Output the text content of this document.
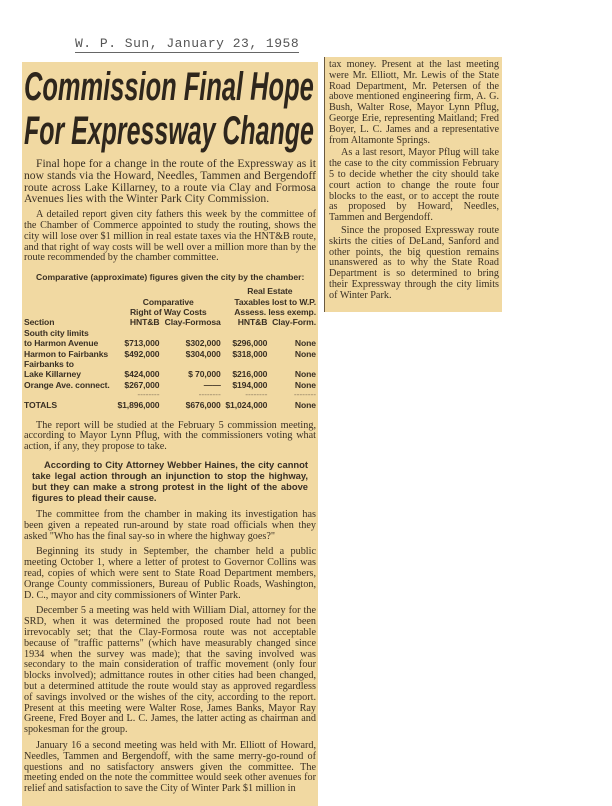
W. P. Sun, January 23, 1958
Commission Final Hope
For Expressway Change
Final hope for a change in the route of the Expressway as it now stands via the Howard, Needles, Tammen and Bergendoff route across Lake Killarney, to a route via Clay and Formosa Avenues lies with the Winter Park City Commission.
A detailed report given city fathers this week by the committee of the Chamber of Commerce appointed to study the routing, shows the city will lose over $1 million in real estate taxes via the HNT&B route, and that right of way costs will be well over a million more than by the route recommended by the chamber committee.
Comparative (approximate) figures given the city by the chamber:
			Real Estate	
	Comparative		Taxables lost to W.P.	
	Right of Way Costs		Assess. less exemp.	
Section	HNT&B	Clay-Formosa	HNT&B	Clay-Form.
South city limits				
to Harmon Avenue	$713,000	$302,000	$296,000	None
Harmon to Fairbanks	$492,000	$304,000	$318,000	None
Fairbanks to				
Lake Killarney	$424,000	$ 70,000	$216,000	None
Orange Ave. connect.	$267,000	——	$194,000	None
	--------	--------	--------	--------
TOTALS	$1,896,000	$676,000	$1,024,000	None
The report will be studied at the February 5 commission meeting, according to Mayor Lynn Pflug, with the commissioners voting what action, if any, they propose to take.
According to City Attorney Webber Haines, the city cannot take legal action through an injunction to stop the highway, but they can make a strong protest in the light of the above figures to plead their cause.
The committee from the chamber in making its investigation has been given a repeated run-around by state road officials when they asked "Who has the final say-so in where the highway goes?"
Beginning its study in September, the chamber held a public meeting October 1, where a letter of protest to Governor Collins was read, copies of which were sent to State Road Department members, Orange County commissioners, Bureau of Public Roads, Washington, D. C., mayor and city commissioners of Winter Park.
December 5 a meeting was held with William Dial, attorney for the SRD, when it was determined the proposed route had not been irrevocably set; that the Clay-Formosa route was not acceptable because of "traffic patterns" (which have measurably changed since 1934 when the survey was made); that the saving involved was secondary to the main consideration of traffic movement (only four blocks involved); admittance routes in other cities had been changed, but a determined attitude the route would stay as approved regardless of savings involved or the wishes of the city, according to the report. Present at this meeting were Walter Rose, James Banks, Mayor Ray Greene, Fred Boyer and L. C. James, the latter acting as chairman and spokesman for the group.
January 16 a second meeting was held with Mr. Elliott of Howard, Needles, Tammen and Bergendoff, with the same merry-go-round of questions and no satisfactory answers given the committee. The meeting ended on the note the committee would seek other avenues for relief and satisfaction to save the City of Winter Park $1 million in
tax money. Present at the last meeting were Mr. Elliott, Mr. Lewis of the State Road Department, Mr. Petersen of the above mentioned engineering firm, A. G. Bush, Walter Rose, Mayor Lynn Pflug, George Erie, representing Maitland; Fred Boyer, L. C. James and a representative from Altamonte Springs.
As a last resort, Mayor Pflug will take the case to the city commission February 5 to decide whether the city should take court action to change the route four blocks to the east, or to accept the route as proposed by Howard, Needles, Tammen and Bergendoff.
Since the proposed Expressway route skirts the cities of DeLand, Sanford and other points, the big question remains unanswered as to why the State Road Department is so determined to bring their Expressway through the city limits of Winter Park.
